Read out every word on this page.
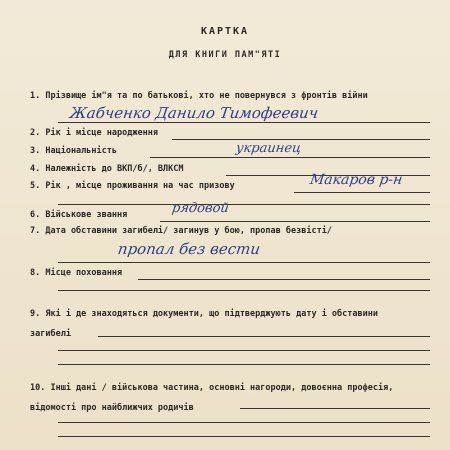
КАРТКА
ДЛЯ КНИГИ ПАМ"ЯТІ
1. Прізвище ім"я та по батькові, хто не повернувся з фронтів війни
Жабченко Данило Тимофеевич
2. Рік і місце народження
3. Національність	украинец
4. Належність до ВКП/б/, ВЛКСМ
5. Рік , місце проживання на час призову	Макаров р-н
6. Військове звання	рядовой
7. Дата обставини загибелі/ загинув у бою, пропав безвісті/
пропал без вести
8. Місце поховання
9. Які і де знаходяться документи, що підтверджують дату і обставини загибелі
10. Інші дані / військова частина, основні нагороди, довоєнна професія, відомості про найближчих родичів
